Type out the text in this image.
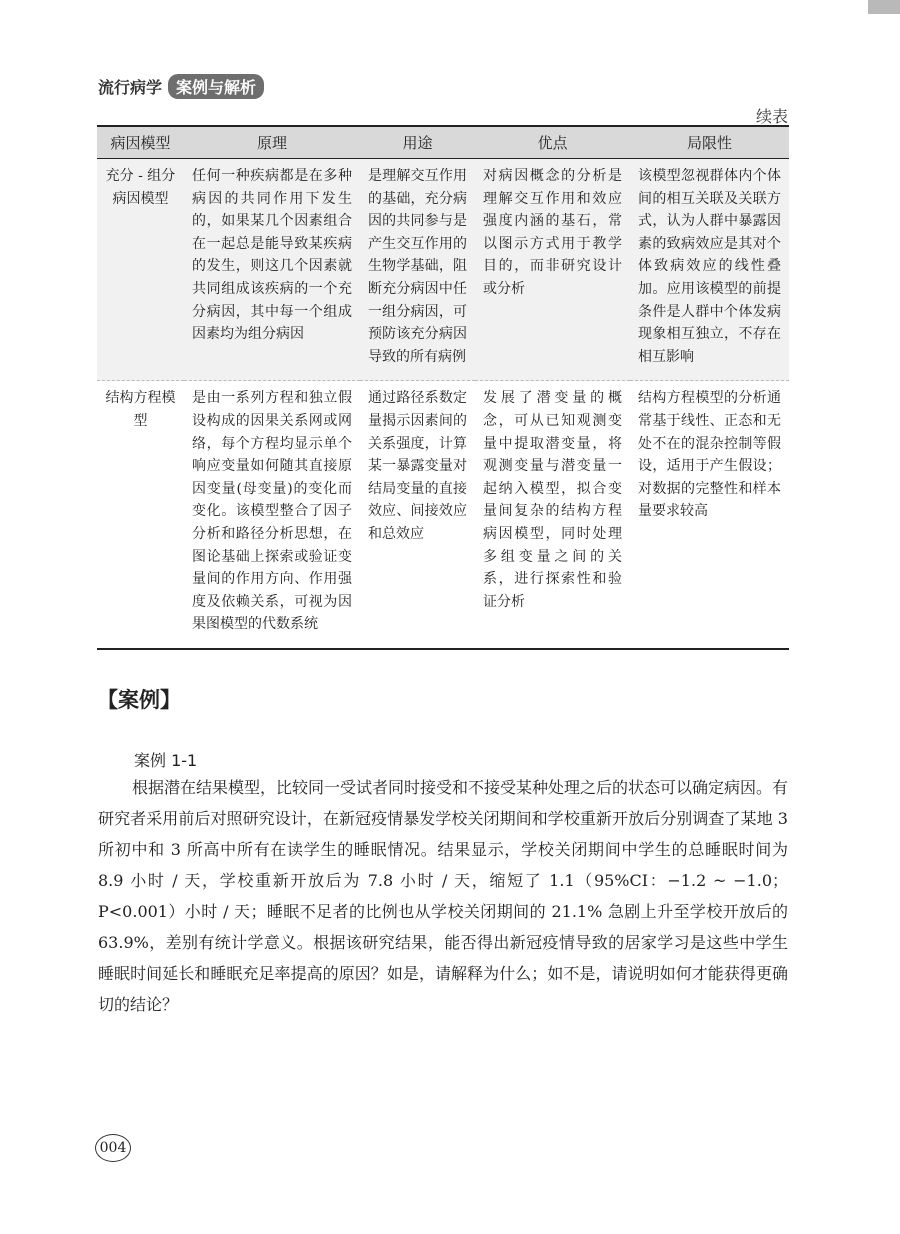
流行病学 案例与解析
续表
病因模型	原理	用途	优点	局限性
充分 - 组分病因模型	任何一种疾病都是在多种病因的共同作用下发生的，如果某几个因素组合在一起总是能导致某疾病的发生，则这几个因素就共同组成该疾病的一个充分病因，其中每一个组成因素均为组分病因	是理解交互作用的基础，充分病因的共同参与是产生交互作用的生物学基础，阻断充分病因中任一组分病因，可预防该充分病因导致的所有病例	对病因概念的分析是理解交互作用和效应强度内涵的基石，常以图示方式用于教学目的，而非研究设计或分析	该模型忽视群体内个体间的相互关联及关联方式，认为人群中暴露因素的致病效应是其对个体致病效应的线性叠加。应用该模型的前提条件是人群中个体发病现象相互独立，不存在相互影响
结构方程模型	是由一系列方程和独立假设构成的因果关系网或网络，每个方程均显示单个响应变量如何随其直接原因变量(母变量)的变化而变化。该模型整合了因子分析和路径分析思想，在图论基础上探索或验证变量间的作用方向、作用强度及依赖关系，可视为因果图模型的代数系统	通过路径系数定量揭示因素间的关系强度，计算某一暴露变量对结局变量的直接效应、间接效应和总效应	发展了潜变量的概念，可从已知观测变量中提取潜变量，将观测变量与潜变量一起纳入模型，拟合变量间复杂的结构方程病因模型，同时处理多组变量之间的关系，进行探索性和验证分析	结构方程模型的分析通常基于线性、正态和无处不在的混杂控制等假设，适用于产生假设；对数据的完整性和样本量要求较高
【案例】
案例 1-1

根据潜在结果模型，比较同一受试者同时接受和不接受某种处理之后的状态可以确定病因。有研究者采用前后对照研究设计，在新冠疫情暴发学校关闭期间和学校重新开放后分别调查了某地 3 所初中和 3 所高中所有在读学生的睡眠情况。结果显示，学校关闭期间中学生的总睡眠时间为 8.9 小时 / 天，学校重新开放后为 7.8 小时 / 天，缩短了 1.1（95%CI：−1.2 ~ −1.0；P<0.001）小时 / 天；睡眠不足者的比例也从学校关闭期间的 21.1% 急剧上升至学校开放后的 63.9%，差别有统计学意义。根据该研究结果，能否得出新冠疫情导致的居家学习是这些中学生睡眠时间延长和睡眠充足率提高的原因？如是，请解释为什么；如不是，请说明如何才能获得更确切的结论？

004
